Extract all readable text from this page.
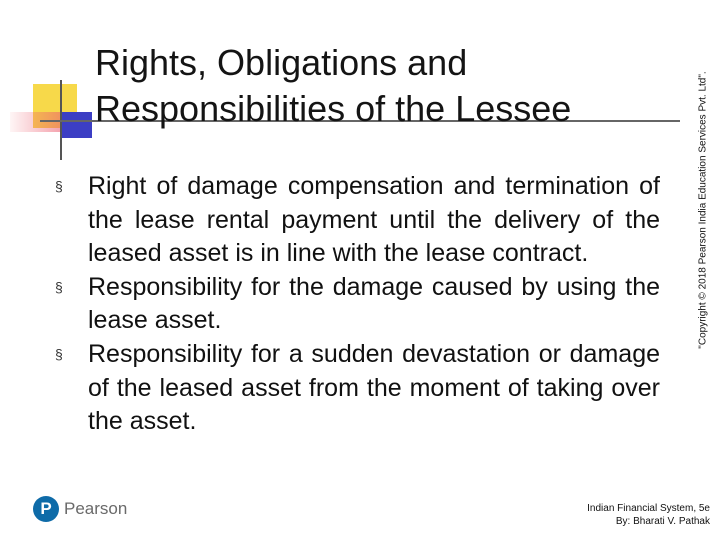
Rights, Obligations and
Responsibilities of the Lessee	"Copyright © 2018 Pearson India Education Services Pvt. Ltd".
§	Right of damage compensation and termination of the lease rental payment until the delivery of the leased asset is in line with the lease contract.
§	Responsibility for the damage caused by using the lease asset.
§	Responsibility for a sudden devastation or damage of the leased asset from the moment of taking over the asset.
P Pearson	Indian Financial System, 5e
By: Bharati V. Pathak
